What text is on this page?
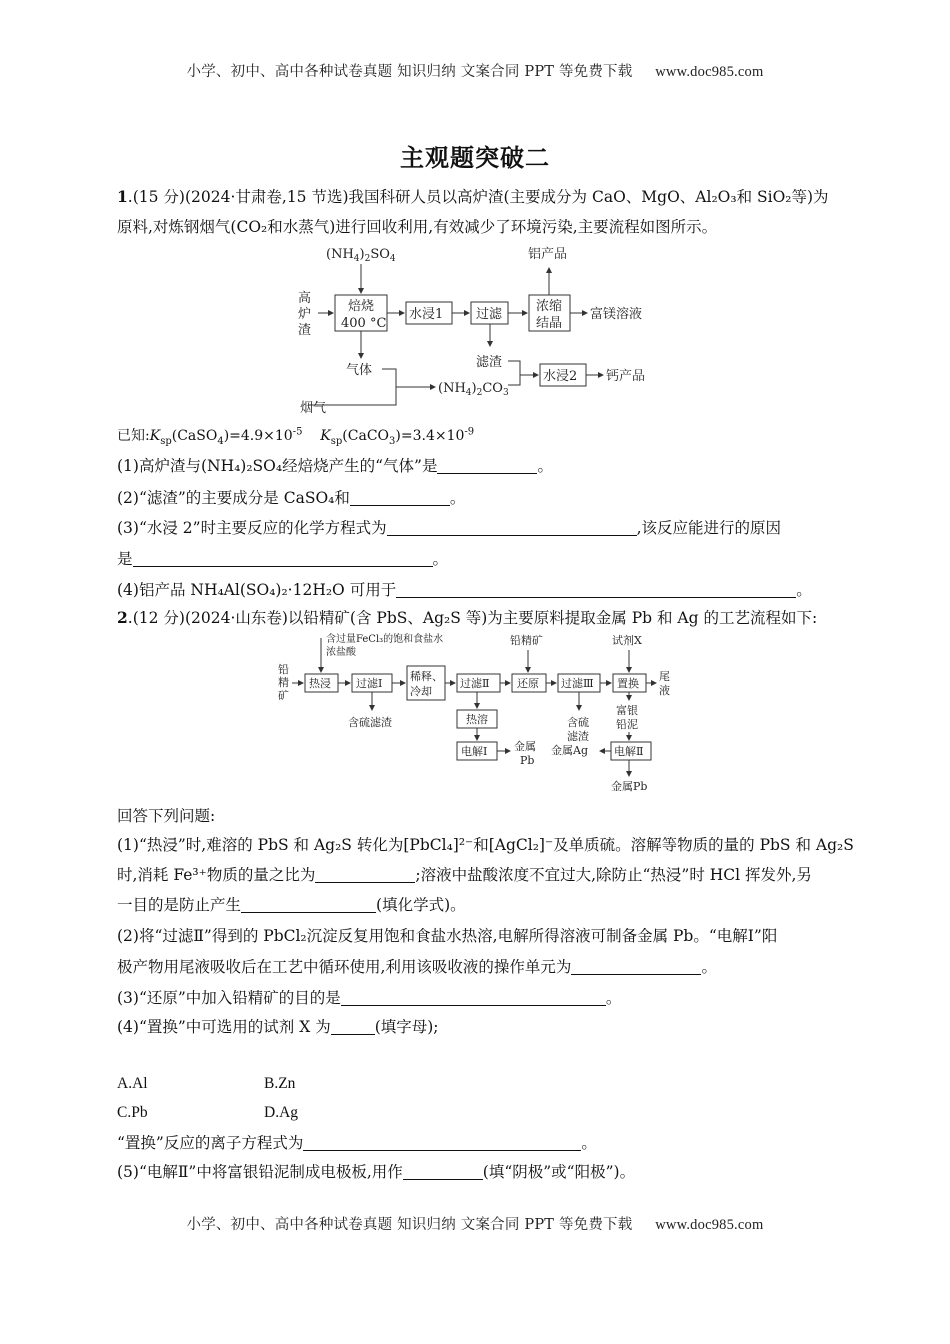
小学、初中、高中各种试卷真题 知识归纳 文案合同 PPT 等免费下载 www.doc985.com
主观题突破二
1.(15 分)(2024·甘肃卷,15 节选)我国科研人员以高炉渣(主要成分为 CaO、MgO、Al₂O₃和 SiO₂等)为
原料,对炼钢烟气(CO₂和水蒸气)进行回收利用,有效减少了环境污染,主要流程如图所示。
$(NH_4)_2SO_4$
高
炉
渣
焙烧
400 °C
水浸1	过滤
浓缩
结晶
铝产品
富镁溶液
气体
烟气
滤渣
$(NH_4)_2CO_3$
水浸2 钙产品
已知$:K_{sp}(CaSO_4)=4.9\times 10^{-5}$ $K_{sp}(CaCO_3)=3.4\times 10^{-9}$
(1)高炉渣与(NH₄)₂SO₄经焙烧产生的“气体”是	。
(2)“滤渣”的主要成分是 CaSO₄和	。
(3)“水浸 2”时主要反应的化学方程式为	,该反应能进行的原因
是	。
(4)铝产品 NH₄Al(SO₄)₂·12H₂O 可用于	。
2.(12 分)(2024·山东卷)以铅精矿(含 PbS、Ag₂S 等)为主要原料提取金属 Pb 和 Ag 的工艺流程如下:
含过量FeCl₃的饱和食盐水
浓盐酸
铅
精
矿
热浸 过滤Ⅰ
含硫滤渣
稀释、
冷却
过滤Ⅱ
热溶
电解Ⅰ 金属
Pb
铅精矿
还原 过滤Ⅲ
含硫
滤渣
金属Ag
试剂X
置换
尾
液
富银
铅泥
电解Ⅱ
金属Pb
回答下列问题:
(1)“热浸”时,难溶的 PbS 和 Ag₂S 转化为[PbCl₄]²⁻和[AgCl₂]⁻及单质硫。溶解等物质的量的 PbS 和 Ag₂S
时,消耗 Fe³⁺物质的量之比为	;溶液中盐酸浓度不宜过大,除防止“热浸”时 HCl 挥发外,另
一目的是防止产生	(填化学式)。
(2)将“过滤Ⅱ”得到的 PbCl₂沉淀反复用饱和食盐水热溶,电解所得溶液可制备金属 Pb。“电解Ⅰ”阳
极产物用尾液吸收后在工艺中循环使用,利用该吸收液的操作单元为	。
(3)“还原”中加入铅精矿的目的是	。
(4)“置换”中可选用的试剂 X 为	(填字母);
A.Al	B.Zn
C.Pb	D.Ag
“置换”反应的离子方程式为	。
(5)“电解Ⅱ”中将富银铅泥制成电极板,用作	(填“阴极”或“阳极”)。
小学、初中、高中各种试卷真题 知识归纳 文案合同 PPT 等免费下载 www.doc985.com
